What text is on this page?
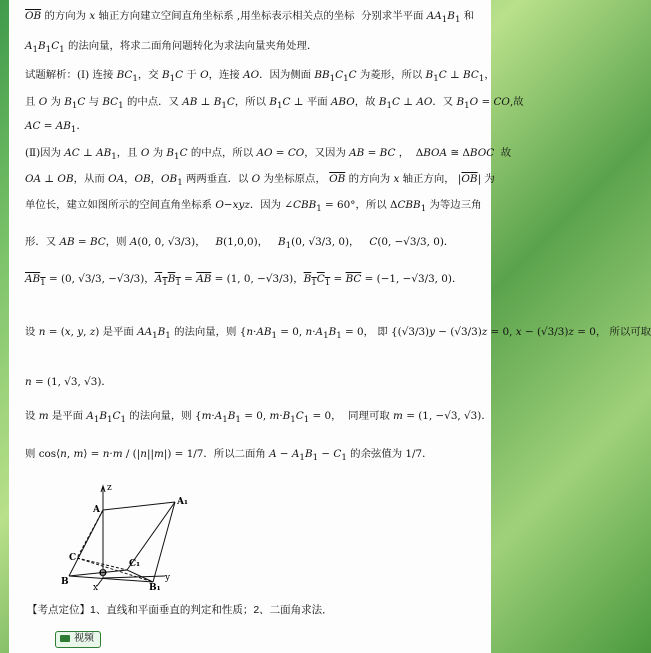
$\overline{OB}$ 的方向为 x 轴正方向建立空间直角坐标系 ,用坐标表示相关点的坐标  分别求半平面 $AA_1B_1$ 和
$A_1B_1C_1$ 的法向量，将求二面角问题转化为求法向量夹角处理．
试题解析：(Ⅰ) 连接 $BC_1$，交 $B_1C$ 于 O，连接 AO．因为侧面 $BB_1C_1C$ 为菱形，所以 $B_1C$ ⊥ $BC_1$，
且 O 为 $B_1C$ 与 $BC_1$ 的中点．又 AB ⊥ $B_1C$，所以 $B_1C$ ⊥ 平面 ABO，故 $B_1C$ ⊥ AO．又 $B_1O$ = CO,故
AC = $AB_1$．
(Ⅱ)因为 AC ⊥ $AB_1$，且 O 为 $B_1C$ 的中点，所以 AO = CO，又因为 AB = BC ，  ΔBOA ≅ ΔBOC  故
OA ⊥ OB，从而 OA，OB，$OB_1$ 两两垂直．以 O 为坐标原点， $\overline{OB}$ 的方向为 x 轴正方向， $|\overline{OB}|$ 为
单位长，建立如图所示的空间直角坐标系 O−xyz．因为 $\angle CBB_1 = 60^\circ$，所以 $\Delta CBB_1$ 为等边三角
形．又 AB = BC，则 A(0, 0, √3/3)，   B(1,0,0)，   $B_1(0$, √3/3, 0)，   C(0, −√3/3, 0)．
$AB_1 = (0$, √3/3, −√3/3)，$A_1B_1 = \overline{AB} = (1$, 0, −√3/3)，$B_1C_1 = \overline{BC} = (-1$, −√3/3, 0)．
设 n = (x, y, z) 是平面 $AA_1B_1$ 的法向量，则 {$n\cdot AB_1 = 0$, $n\cdot A_1B_1 = 0$， 即 {(√3/3)y − (√3/3)z = 0, x − (√3/3)z = 0， 所以可取
n = (1, √3, √3)．
设 m 是平面 $A_1B_1C_1$ 的法向量，则 {$m\cdot A_1B_1 = 0$, $m\cdot B_1C_1 = 0$，  同理可取 m = (1, −√3, √3)．
则 cos⟨n, m⟩ = n·m / (|n||m|) = 1/7．所以二面角 $A - A_1B_1 - C_1$ 的余弦值为 1/7．
z
A
A₁
C
C₁
O
B
B₁
x
y
【考点定位】1、直线和平面垂直的判定和性质；2、二面角求法．
视频
